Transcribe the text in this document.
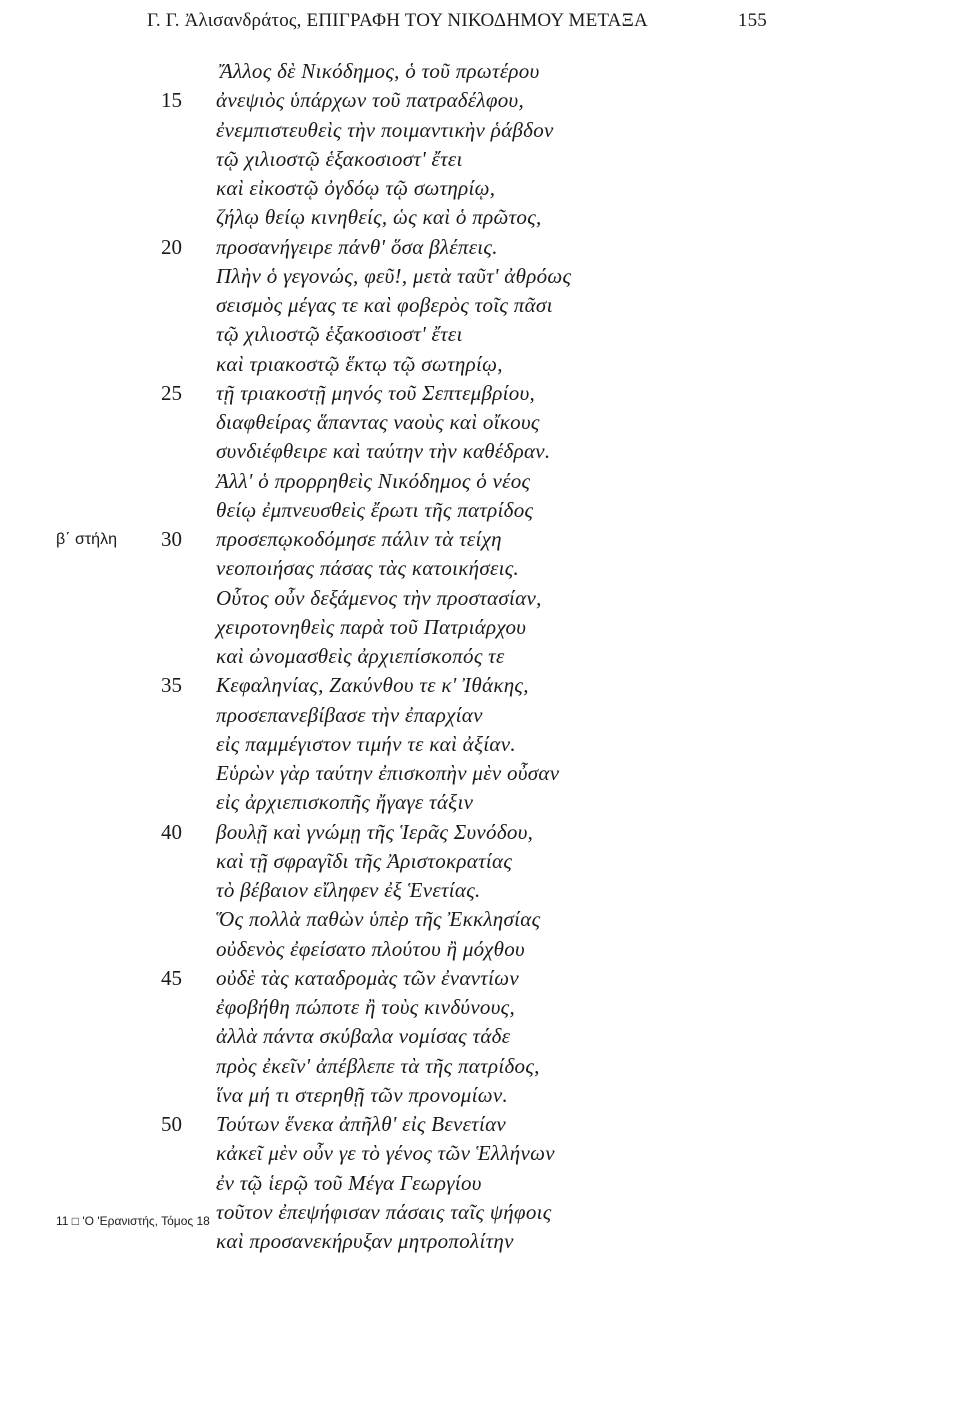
Γ. Γ. Ἀλισανδράτος, ΕΠΙΓΡΑΦΗ ΤΟΥ ΝΙΚΟΔΗΜΟΥ ΜΕΤΑΞΑ	155
Ἄλλος δὲ Νικόδημος, ὁ τοῦ πρωτέρου
15 ἀνεψιὸς ὑπάρχων τοῦ πατραδέλφου,
ἐνεμπιστευθεὶς τὴν ποιμαντικὴν ῥάβδον
τῷ χιλιοστῷ ἑξακοσιοστ' ἔτει
καὶ εἰκοστῷ ὀγδόῳ τῷ σωτηρίῳ,
ζήλῳ θείῳ κινηθείς, ὡς καὶ ὁ πρῶτος,
20 προσανήγειρε πάνθ' ὅσα βλέπεις.
Πλὴν ὁ γεγονώς, φεῦ!, μετὰ ταῦτ' ἀθρόως
σεισμὸς μέγας τε καὶ φοβερὸς τοῖς πᾶσι
τῷ χιλιοστῷ ἑξακοσιοστ' ἔτει
καὶ τριακοστῷ ἕκτῳ τῷ σωτηρίῳ,
25 τῇ τριακοστῇ μηνός τοῦ Σεπτεμβρίου,
διαφθείρας ἅπαντας ναοὺς καὶ οἴκους
συνδιέφθειρε καὶ ταύτην τὴν καθέδραν.
Ἀλλ' ὁ προρρηθεὶς Νικόδημος ὁ νέος
θείῳ ἐμπνευσθεὶς ἔρωτι τῆς πατρίδος
β΄ στήλη	30 προσεπῳκοδόμησε πάλιν τὰ τείχη
νεοποιήσας πάσας τὰς κατοικήσεις.
Οὗτος οὖν δεξάμενος τὴν προστασίαν,
χειροτονηθεὶς παρὰ τοῦ Πατριάρχου
καὶ ὠνομασθεὶς ἀρχιεπίσκοπός τε
35 Κεφαληνίας, Ζακύνθου τε κ' Ἰθάκης,
προσεπανεβίβασε τὴν ἐπαρχίαν
εἰς παμμέγιστον τιμήν τε καὶ ἀξίαν.
Εὑρὼν γὰρ ταύτην ἐπισκοπὴν μὲν οὖσαν
εἰς ἀρχιεπισκοπῆς ἤγαγε τάξιν
40 βουλῇ καὶ γνώμῃ τῆς Ἱερᾶς Συνόδου,
καὶ τῇ σφραγῖδι τῆς Ἀριστοκρατίας
τὸ βέβαιον εἴληφεν ἐξ Ἑνετίας.
Ὅς πολλὰ παθὼν ὑπὲρ τῆς Ἐκκλησίας
οὐδενὸς ἐφείσατο πλούτου ἢ μόχθου
45 οὐδὲ τὰς καταδρομὰς τῶν ἐναντίων
ἐφοβήθη πώποτε ἢ τοὺς κινδύνους,
ἀλλὰ πάντα σκύβαλα νομίσας τάδε
πρὸς ἐκεῖν' ἀπέβλεπε τὰ τῆς πατρίδος,
ἵνα μή τι στερηθῇ τῶν προνομίων.
50 Τούτων ἕνεκα ἀπῆλθ' εἰς Βενετίαν
κἀκεῖ μὲν οὖν γε τὸ γένος τῶν Ἑλλήνων
ἐν τῷ ἱερῷ τοῦ Μέγα Γεωργίου
τοῦτον ἐπεψήφισαν πάσαις ταῖς ψήφοις
καὶ προσανεκήρυξαν μητροπολίτην
11 □ 'Ο 'Ερανιστής, Τόμος 18
